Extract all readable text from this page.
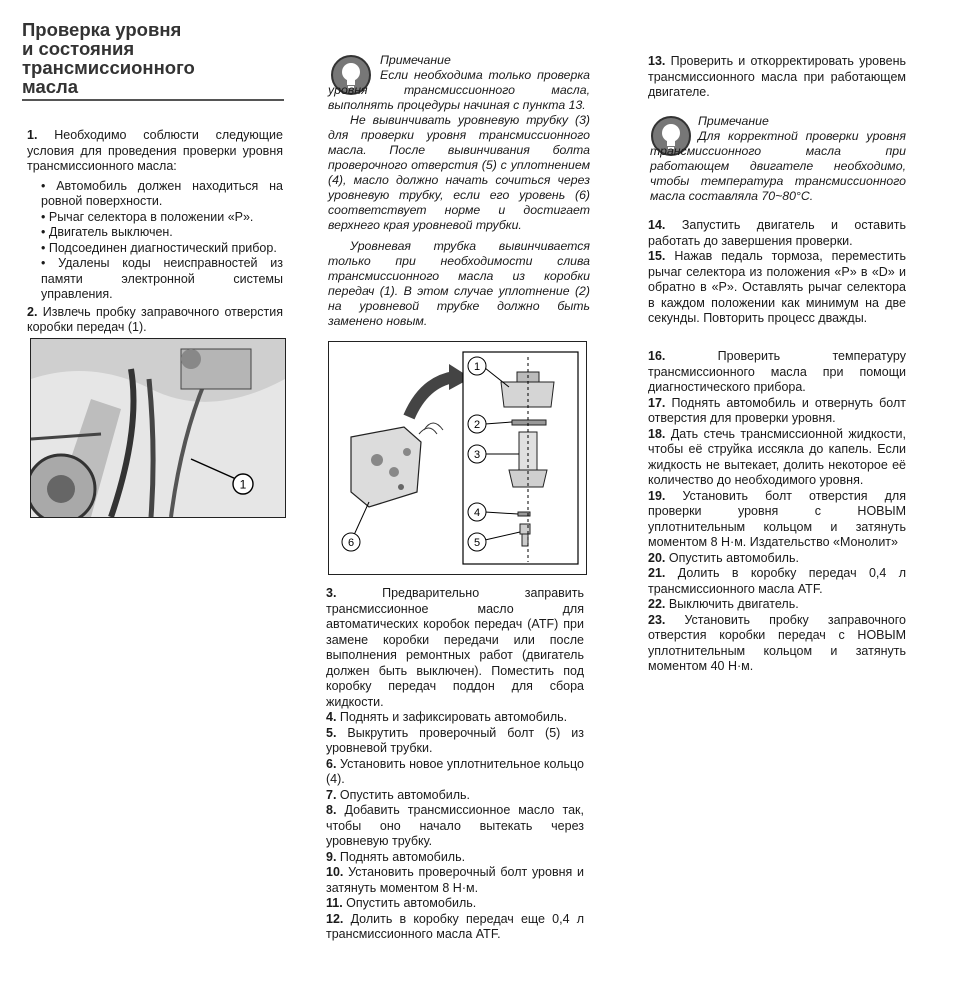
Проверка уровня
и состояния
трансмиссионного
масла
1. Необходимо соблюсти следующие условия для проведения проверки уровня трансмиссионного масла:
• Автомобиль должен находиться на ровной поверхности.
• Рычаг селектора в положении «P».
• Двигатель выключен.
• Подсоединен диагностический прибор.
• Удалены коды неисправностей из памяти электронной системы управления.
2. Извлечь пробку заправочного отверстия коробки передач (1).
1
Примечание

Если необходима только проверка уровня трансмиссионного масла, выполнять процедуры начиная с пункта 13.

Не вывинчивать уровневую трубку (3) для проверки уровня трансмиссионного масла. После вывинчивания болта проверочного отверстия (5) с уплотнением (4), масло должно начать сочиться через уровневую трубку, если его уровень (6) соответствует норме и достигает верхнего края уровневой трубки.

Уровневая трубка вывинчивается только при необходимости слива трансмиссионного масла из коробки передач (1). В этом случае уплотнение (2) на уровневой трубке должно быть заменено новым.

6
1
2
3
4
5
3.	Предварительно заправить трансмиссионное масло для автоматических коробок передач (ATF) при замене коробки передачи или после выполнения ремонтных работ (двигатель должен быть выключен). Поместить под коробку передач поддон для сбора жидкости.
4. Поднять и зафиксировать автомобиль.
5. Выкрутить проверочный болт (5) из уровневой трубки.
6. Установить новое уплотнительное кольцо (4).
7. Опустить автомобиль.
8. Добавить трансмиссионное масло так, чтобы оно начало вытекать через уровневую трубку.
9. Поднять автомобиль.
10. Установить проверочный болт уровня и затянуть моментом 8 Н·м.
11. Опустить автомобиль.
12. Долить в коробку передач еще 0,4 л трансмиссионного масла ATF.
13. Проверить и откорректировать уровень трансмиссионного масла при работающем двигателе.
Примечание

Для корректной проверки уровня трансмиссионного масла при работающем двигателе необходимо, чтобы температура трансмиссионного масла составляла 70~80°C.

14. Запустить двигатель и оставить работать до завершения проверки.
15. Нажав педаль тормоза, переместить рычаг селектора из положения «P» в «D» и обратно в «P». Оставлять рычаг селектора в каждом положении как минимум на две секунды. Повторить процесс дважды.
16.	Проверить температуру трансмиссионного масла при помощи диагностического прибора.
17. Поднять автомобиль и отвернуть болт отверстия для проверки уровня.
18. Дать стечь трансмиссионной жидкости, чтобы её струйка иссякла до капель. Если жидкость не вытекает, долить некоторое её количество до необходимого уровня.
19. Установить болт отверстия для проверки уровня с НОВЫМ уплотнительным кольцом и затянуть моментом 8 Н·м. Издательство «Монолит»
20. Опустить автомобиль.
21. Долить в коробку передач 0,4 л трансмиссионного масла ATF.
22. Выключить двигатель.
23. Установить пробку заправочного отверстия коробки передач с НОВЫМ уплотнительным кольцом и затянуть моментом 40 Н·м.
